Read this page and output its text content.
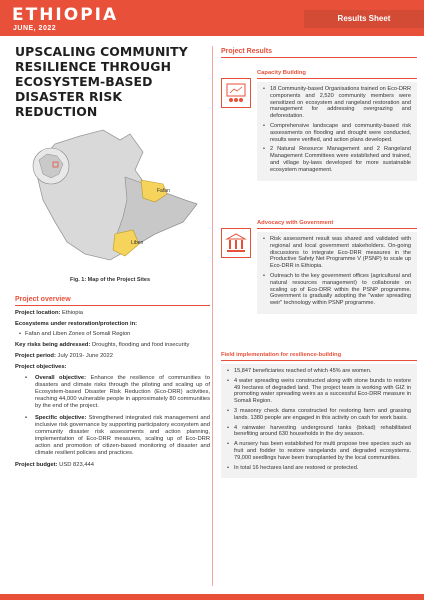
ETHIOPIA
JUNE, 2022
Results Sheet
UPSCALING COMMUNITY RESILIENCE THROUGH ECOSYSTEM-BASED DISASTER RISK REDUCTION
Fafan
Liben
Fig. 1: Map of the Project Sites
Project overview
Project location: Ethiopia
Ecosystems under restoration/protection in:
• Fafan and Liben Zones of Somali Region
Key risks being addressed: Droughts, flooding and food insecurity
Project period: July 2019- June 2022
Project objectives:
• Overall objective: Enhance the resilience of communities to disasters and climate risks through the piloting and scaling up of Ecosystem-based Disaster Risk Reduction (Eco-DRR) activities, reaching 44,000 vulnerable people in approximately 80 communities by the end of the project.
• Specific objective: Strengthened integrated risk management and inclusive risk governance by supporting participatory ecosystem and community disaster risk assessments and action planning, implementation of Eco-DRR measures, scaling up of Eco-DRR action and promotion of citizen-based monitoring of disaster and climate resilient policies and practices.
Project budget: USD 823,444
Project Results
Capacity Building

• 18 Community-based Organisations trained on Eco-DRR components and 2,520 community members were sensitized on ecosystem and rangeland restoration and management for addressing overgrazing and deforestation.

• Comprehensive landscape and community-based risk assessments on flooding and drought were conducted, results were verified, and action plans developed.

• 2 Natural Resource Management and 2 Rangeland Management Committees were established and trained, and village by-laws developed for more sustainable ecosystem management.

Advocacy with Government

• Risk assessment result was shared and validated with regional and local government stakeholders. On-going discussions to integrate Eco-DRR measures in the Productive Safety Net Programme V (PSNP) to scale up Eco-DRR in Ethiopia.

• Outreach to the key government offices (agricultural and natural resources management) to collaborate on scaling up of Eco-DRR within the PSNP programme. Government is gradually adopting the "water spreading weir" technology within PSNP programme.

Field implementation for resilience-building

• 15,847 beneficiaries reached of which 45% are women.

• 4 water spreading weirs constructed along with stone bunds to restore 49 hectares of degraded land. The project team is working with GIZ in promoting water spreading weirs as a successful Eco-DRR measure in Somali Region.

• 3 masonry check dams constructed for restoring farm and grassing lands. 1380 people are engaged in this activity on cash for work basis.

• 4 rainwater harvesting underground tanks (birkad) rehabilitated benefiting around 630 households in the dry season.

• A nursery has been established for multi propose tree species such as fruit and fodder to restore rangelands and degraded ecosystems. 79,000 seedlings have been transplanted by the local communities.

• In total 16 hectares land are restored or protected.
